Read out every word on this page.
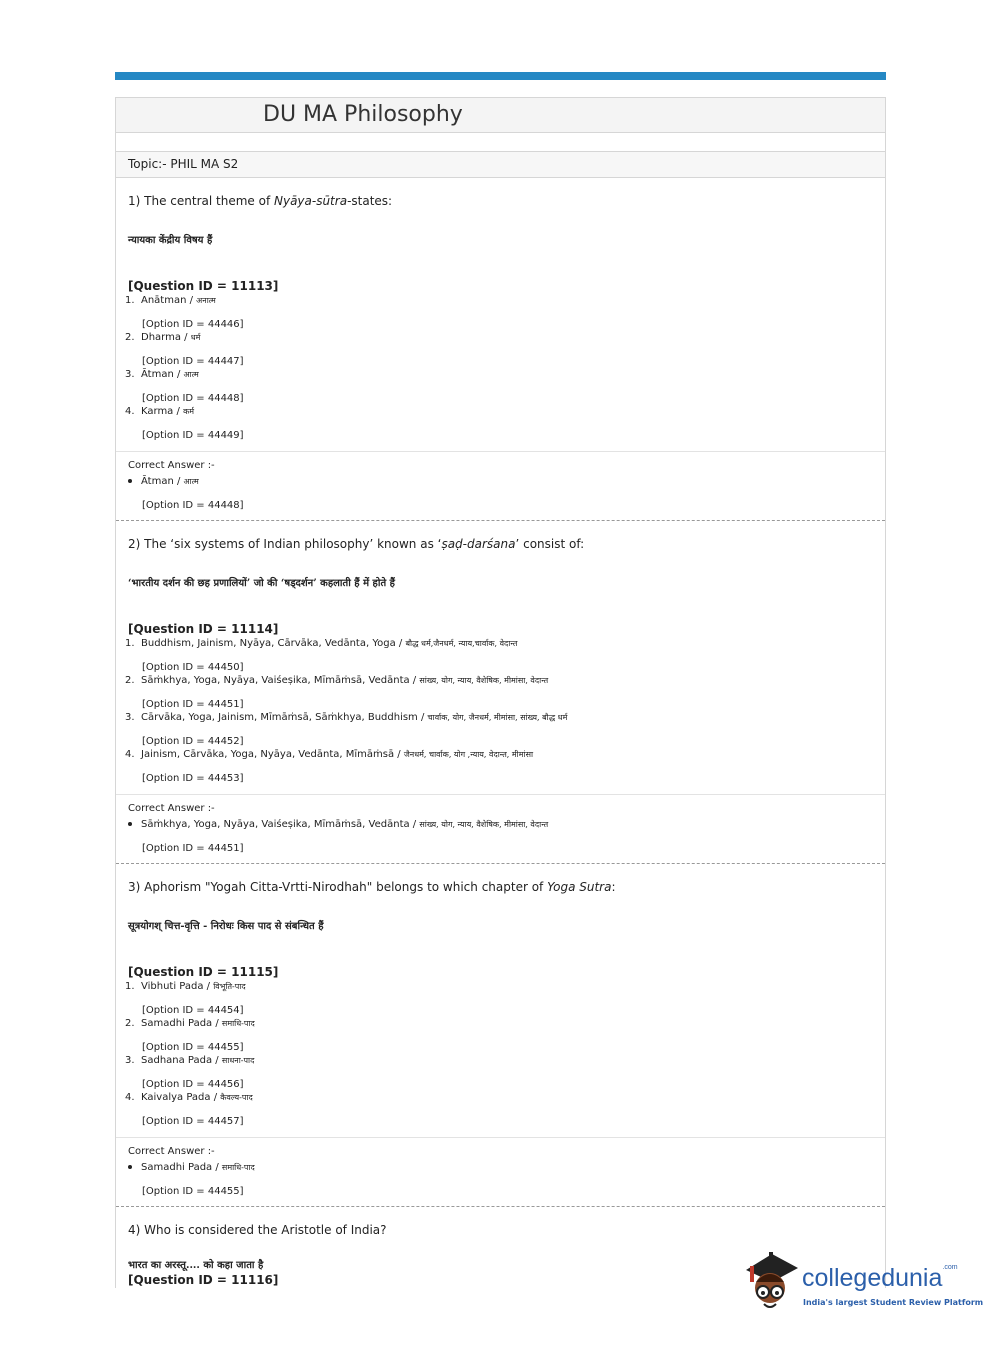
DU MA Philosophy
Topic:- PHIL MA S2
1) The central theme of Nyāya-sūtra-states:
न्यायका केंद्रीय विषय हैं
[Question ID = 11113]
1. Anātman / अनात्म
[Option ID = 44446]
2. Dharma / धर्म
[Option ID = 44447]
3. Ātman / आत्म
[Option ID = 44448]
4. Karma / कर्म
[Option ID = 44449]
Correct Answer :-
Ātman / आत्म
[Option ID = 44448]
2) The ‘six systems of Indian philosophy’ known as ‘ṣaḍ-darśana’ consist of:
‘भारतीय दर्शन की छह प्रणालियों’ जो की ‘षड्दर्शन’ कहलाती हैं में होते हैं
[Question ID = 11114]
1. Buddhism, Jainism, Nyāya, Cārvāka, Vedānta, Yoga / बौद्ध धर्म,जैनधर्म, न्याय,चार्वाक, वेदान्त
[Option ID = 44450]
2. Sāṁkhya, Yoga, Nyāya, Vaiśeṣika, Mīmāṁsā, Vedānta / सांख्य, योग, न्याय, वैशेषिक, मीमांसा, वेदान्त
[Option ID = 44451]
3. Cārvāka, Yoga, Jainism, Mīmāṁsā, Sāṁkhya, Buddhism / चार्वाक, योग, जैनधर्म, मीमांसा, सांख्य, बौद्ध धर्म
[Option ID = 44452]
4. Jainism, Cārvāka, Yoga, Nyāya, Vedānta, Mīmāṁsā / जैनधर्म, चार्वाक, योग ,न्याय, वेदान्त, मीमांसा
[Option ID = 44453]
Correct Answer :-
Sāṁkhya, Yoga, Nyāya, Vaiśeṣika, Mīmāṁsā, Vedānta / सांख्य, योग, न्याय, वैशेषिक, मीमांसा, वेदान्त
[Option ID = 44451]
3) Aphorism "Yogah Citta-Vrtti-Nirodhah" belongs to which chapter of Yoga Sutra:
सूत्रयोगश् चित्त-वृत्ति - निरोधः किस पाद से संबन्धित हैं
[Question ID = 11115]
1. Vibhuti Pada / विभूति-पाद
[Option ID = 44454]
2. Samadhi Pada / समाधि-पाद
[Option ID = 44455]
3. Sadhana Pada / साधना-पाद
[Option ID = 44456]
4. Kaivalya Pada / कैवल्य-पाद
[Option ID = 44457]
Correct Answer :-
Samadhi Pada / समाधि-पाद
[Option ID = 44455]
4) Who is considered the Aristotle of India?
भारत का अरस्तू.... को कहा जाता है
[Question ID = 11116]	collegedunia$^{.com}$
India's largest Student Review Platform
